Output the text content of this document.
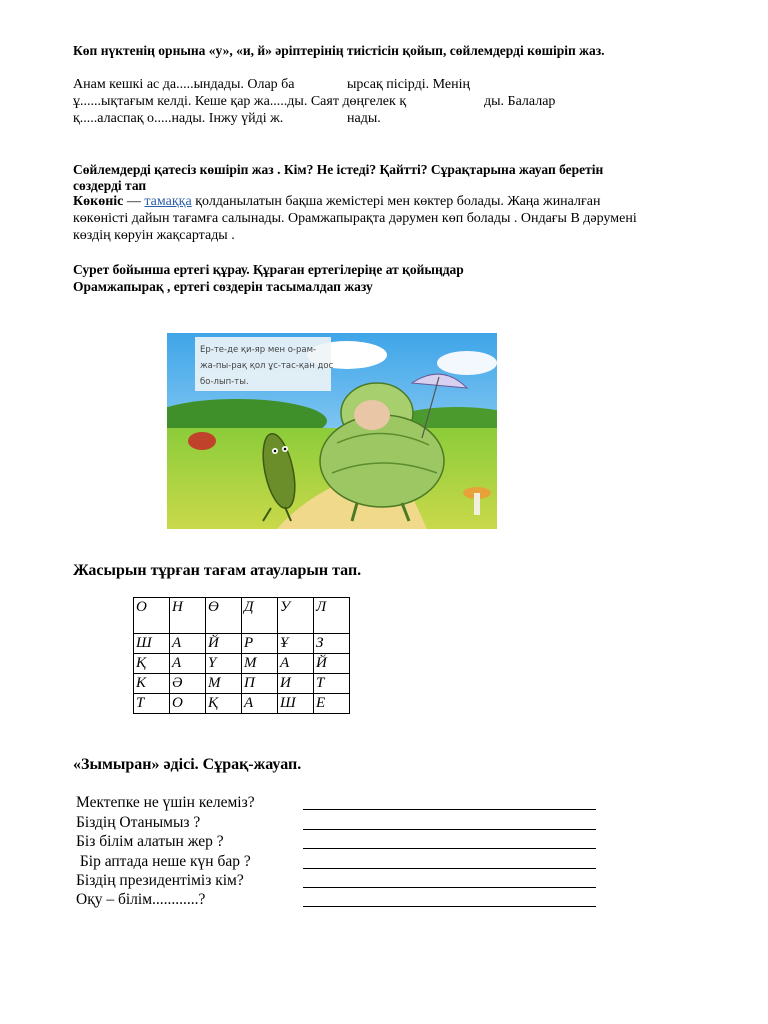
Көп нүктенің орнына «у», «и, й» әріптерінің тиістісін қойып, сөйлемдерді көшіріп жаз.
Анам кешкі ас да.....ындады. Олар ба	ырсақ пісірді. Менің
ұ......ықтағым келді. Кеше қар жа.....ды. Саят дөңгелек қ	ды. Балалар
қ.....аласпақ о.....нады. Інжу үйді ж.	нады.
Сөйлемдерді қатесіз көшіріп жаз . Кім? Не істеді? Қайтті? Сұрақтарына жауап беретін
сөздерді тап
Көкөніс — тамаққа қолданылатын бақша жемістері мен көктер болады. Жаңа жиналған
көкөністі дайын тағамға салынады. Орамжапырақта дәрумен көп болады . Ондағы В дәрумені
көздің көруін жақсартады .
Сурет бойынша ертегі құрау. Құраған ертегілеріңе ат қойыңдар
Орамжапырақ , ертегі сөздерін тасымалдап жазу
Ер-те-де қи-яр мен о-рам-
жа-пы-рақ қол ұс-тас-қан дос
бо-лып-ты.
Жасырын тұрған тағам атауларын тап.
О	Н	Ө	Д	У	Л
Ш	А	Й	Р	Ұ	З
Қ	А	Ү	М	А	Й
К	Ә	М	П	И	Т
Т	О	Қ	А	Ш	Е
«Зымыран» әдісі. Сұрақ-жауап.
Мектепке не үшін келеміз?
Біздің Отанымыз ?
Біз білім алатын жер ?
Бір аптада неше күн бар ?
Біздің президентіміз кім?
Оқу – білім............?
